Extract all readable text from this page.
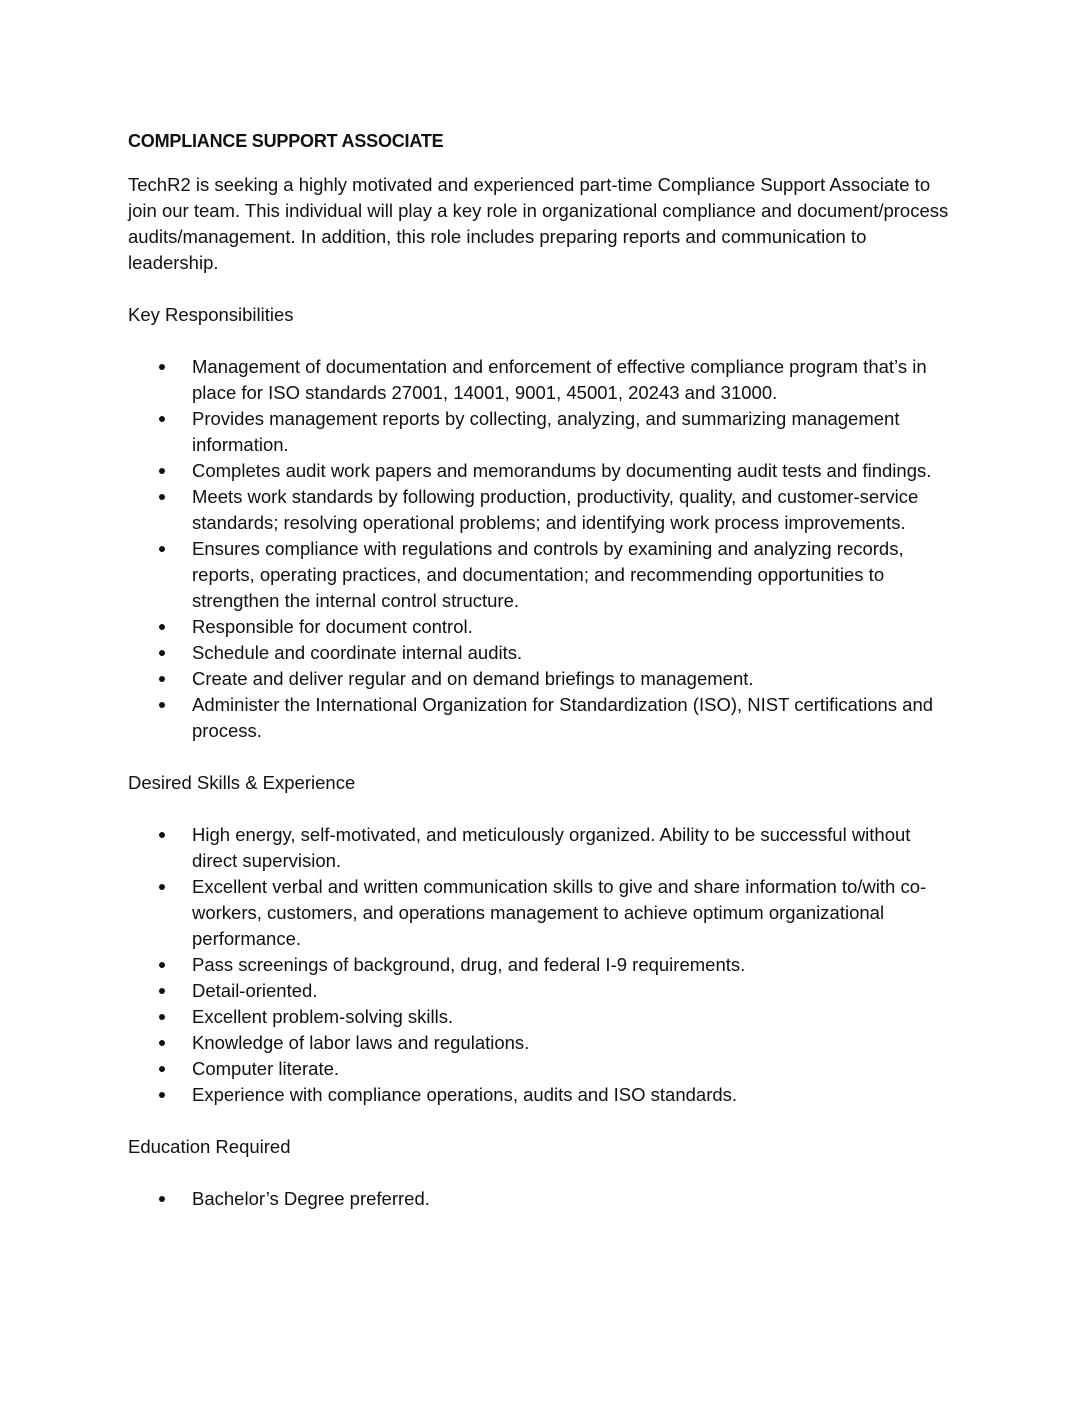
COMPLIANCE SUPPORT ASSOCIATE
TechR2 is seeking a highly motivated and experienced part-time Compliance Support Associate to join our team. This individual will play a key role in organizational compliance and document/process audits/management. In addition, this role includes preparing reports and communication to leadership.
Key Responsibilities
Management of documentation and enforcement of effective compliance program that’s in place for ISO standards 27001, 14001, 9001, 45001, 20243 and 31000.
Provides management reports by collecting, analyzing, and summarizing management information.
Completes audit work papers and memorandums by documenting audit tests and findings.
Meets work standards by following production, productivity, quality, and customer-service standards; resolving operational problems; and identifying work process improvements.
Ensures compliance with regulations and controls by examining and analyzing records, reports, operating practices, and documentation; and recommending opportunities to strengthen the internal control structure.
Responsible for document control.
Schedule and coordinate internal audits.
Create and deliver regular and on demand briefings to management.
Administer the International Organization for Standardization (ISO), NIST certifications and process.
Desired Skills & Experience
High energy, self-motivated, and meticulously organized. Ability to be successful without direct supervision.
Excellent verbal and written communication skills to give and share information to/with co-workers, customers, and operations management to achieve optimum organizational performance.
Pass screenings of background, drug, and federal I-9 requirements.
Detail-oriented.
Excellent problem-solving skills.
Knowledge of labor laws and regulations.
Computer literate.
Experience with compliance operations, audits and ISO standards.
Education Required
Bachelor’s Degree preferred.
